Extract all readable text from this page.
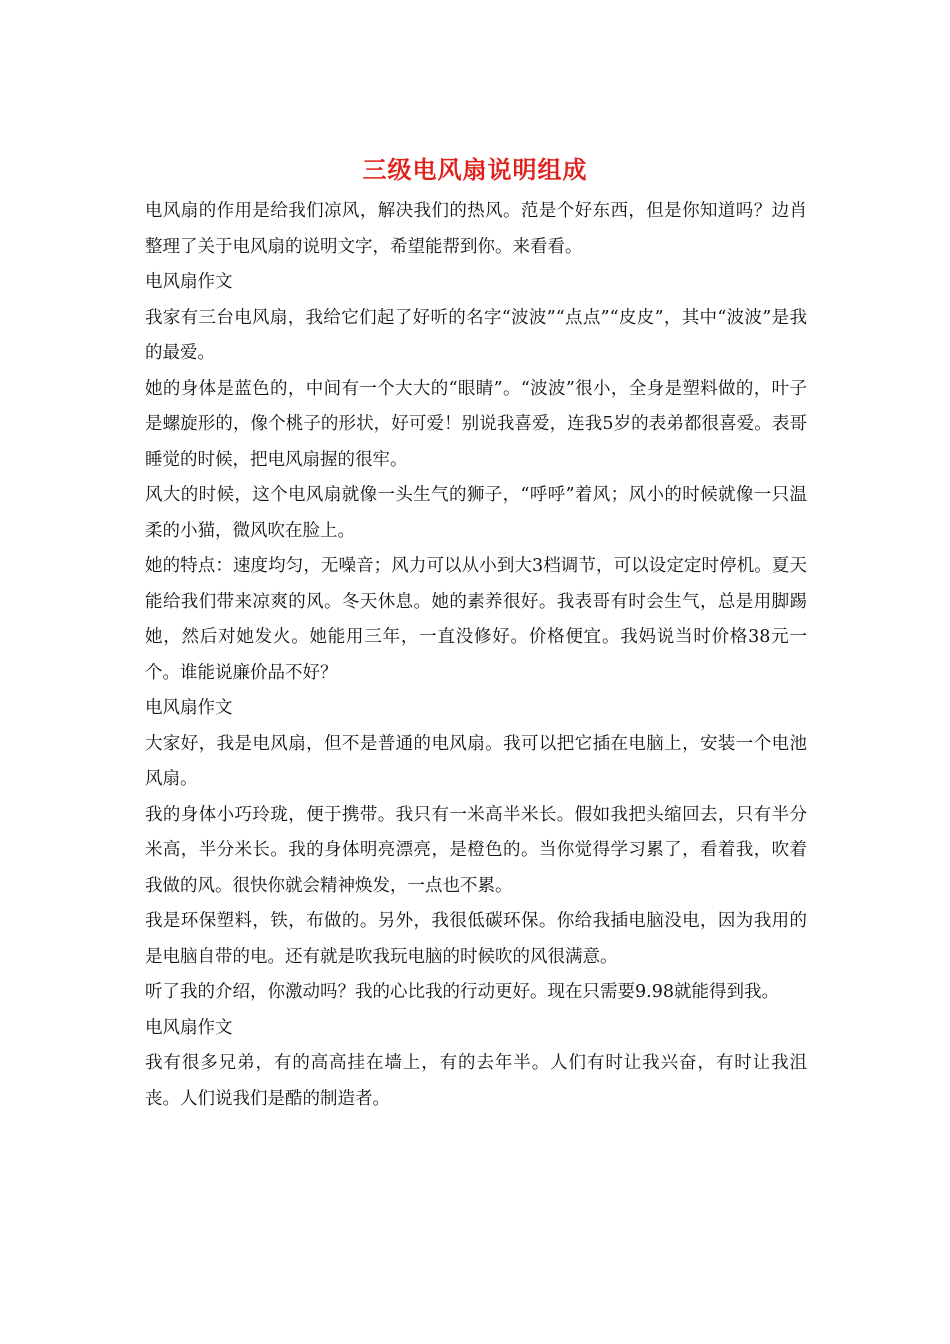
三级电风扇说明组成

电风扇的作用是给我们凉风，解决我们的热风。范是个好东西，但是你知道吗？边肖整理了关于电风扇的说明文字，希望能帮到你。来看看。

电风扇作文

我家有三台电风扇，我给它们起了好听的名字“波波”“点点”“皮皮”，其中“波波”是我的最爱。

她的身体是蓝色的，中间有一个大大的“眼睛”。“波波”很小，全身是塑料做的，叶子是螺旋形的，像个桃子的形状，好可爱！别说我喜爱，连我5岁的表弟都很喜爱。表哥睡觉的时候，把电风扇握的很牢。

风大的时候，这个电风扇就像一头生气的狮子，“呼呼”着风；风小的时候就像一只温柔的小猫，微风吹在脸上。

她的特点：速度均匀，无噪音；风力可以从小到大3档调节，可以设定定时停机。夏天能给我们带来凉爽的风。冬天休息。她的素养很好。我表哥有时会生气，总是用脚踢她，然后对她发火。她能用三年，一直没修好。价格便宜。我妈说当时价格38元一个。谁能说廉价品不好？

电风扇作文

大家好，我是电风扇，但不是普通的电风扇。我可以把它插在电脑上，安装一个电池风扇。

我的身体小巧玲珑，便于携带。我只有一米高半米长。假如我把头缩回去，只有半分米高，半分米长。我的身体明亮漂亮，是橙色的。当你觉得学习累了，看着我，吹着我做的风。很快你就会精神焕发，一点也不累。

我是环保塑料，铁，布做的。另外，我很低碳环保。你给我插电脑没电，因为我用的是电脑自带的电。还有就是吹我玩电脑的时候吹的风很满意。

听了我的介绍，你激动吗？我的心比我的行动更好。现在只需要9.98就能得到我。

电风扇作文

我有很多兄弟，有的高高挂在墙上，有的去年半。人们有时让我兴奋，有时让我沮丧。人们说我们是酷的制造者。
